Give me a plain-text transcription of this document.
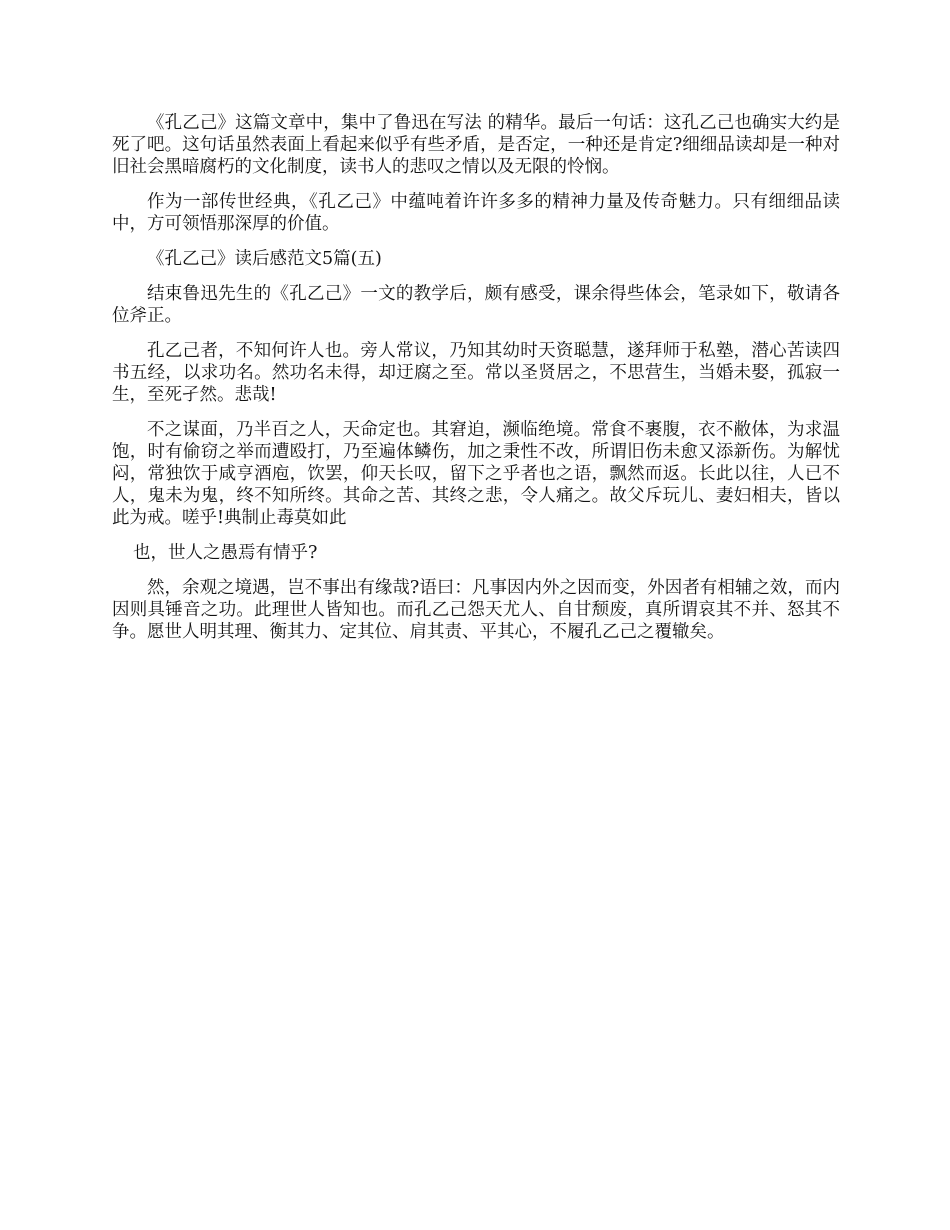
《孔乙己》这篇文章中，集中了鲁迅在写法 的精华。最后一句话：这孔乙己也确实大约是死了吧。这句话虽然表面上看起来似乎有些矛盾，是否定，一种还是肯定?细细品读却是一种对旧社会黑暗腐朽的文化制度，读书人的悲叹之情以及无限的怜悯。

作为一部传世经典，《孔乙己》中蕴吨着许许多多的精神力量及传奇魅力。只有细细品读中，方可领悟那深厚的价值。

《孔乙己》读后感范文5篇(五)

结束鲁迅先生的《孔乙己》一文的教学后，颇有感受，课余得些体会，笔录如下，敬请各位斧正。

孔乙己者，不知何许人也。旁人常议，乃知其幼时天资聪慧，遂拜师于私塾，潜心苦读四书五经，以求功名。然功名未得，却迂腐之至。常以圣贤居之，不思营生，当婚未娶，孤寂一生，至死孑然。悲哉!

不之谋面，乃半百之人，天命定也。其窘迫，濒临绝境。常食不裹腹，衣不敝体，为求温饱，时有偷窃之举而遭殴打，乃至遍体鳞伤，加之秉性不改，所谓旧伤未愈又添新伤。为解忧闷，常独饮于咸亨酒庖，饮罢，仰天长叹，留下之乎者也之语，飘然而返。长此以往，人已不人，鬼未为鬼，终不知所终。其命之苦、其终之悲，令人痛之。故父斥玩儿、妻妇相夫，皆以此为戒。嗟乎!典制止毒莫如此

也，世人之愚焉有情乎?

然，余观之境遇，岂不事出有缘哉?语曰：凡事因内外之因而变，外因者有相辅之效，而内因则具锤音之功。此理世人皆知也。而孔乙己怨天尤人、自甘颓废，真所谓哀其不并、怒其不争。愿世人明其理、衡其力、定其位、肩其责、平其心，不履孔乙己之覆辙矣。
